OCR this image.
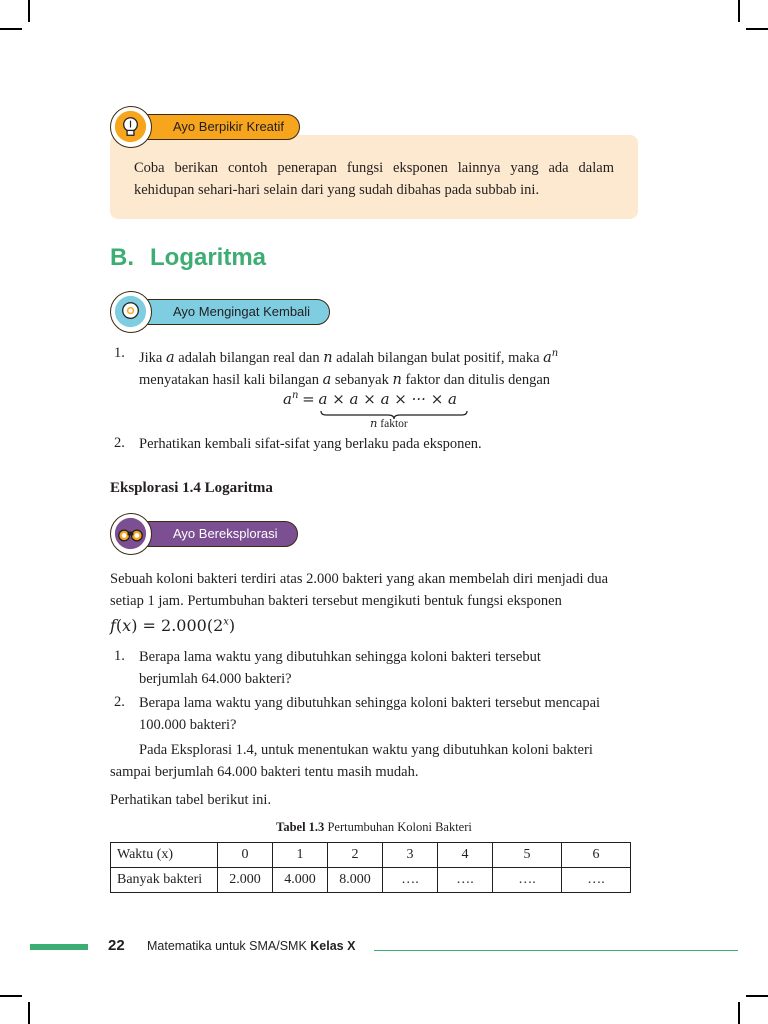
Ayo Berpikir Kreatif

Coba berikan contoh penerapan fungsi eksponen lainnya yang ada dalam kehidupan sehari-hari selain dari yang sudah dibahas pada subbab ini.

B. Logaritma
Ayo Mengingat Kembali
1. Jika a adalah bilangan real dan n adalah bilangan bulat positif, maka $a^n$
menyatakan hasil kali bilangan a sebanyak n faktor dan ditulis dengan
$a^n = a \times a \times a$ × ··· × a
n faktor
2. Perhatikan kembali sifat-sifat yang berlaku pada eksponen.

Eksplorasi 1.4 Logaritma

Ayo Bereksplorasi

Sebuah koloni bakteri terdiri atas 2.000 bakteri yang akan membelah diri menjadi dua

setiap 1 jam. Pertumbuhan bakteri tersebut mengikuti bentuk fungsi eksponen

$f(x) = 2.000(2^x)$
1. Berapa lama waktu yang dibutuhkan sehingga koloni bakteri tersebut

berjumlah 64.000 bakteri?

2. Berapa lama waktu yang dibutuhkan sehingga koloni bakteri tersebut mencapai

100.000 bakteri?

Pada Eksplorasi 1.4, untuk menentukan waktu yang dibutuhkan koloni bakteri

sampai berjumlah 64.000 bakteri tentu masih mudah.

Perhatikan tabel berikut ini.

Tabel 1.3 Pertumbuhan Koloni Bakteri
Waktu (x)	0	1	2	3	4	5	6
Banyak bakteri	2.000	4.000	8.000	….	….	….	….
22 Matematika untuk SMA/SMK Kelas X
